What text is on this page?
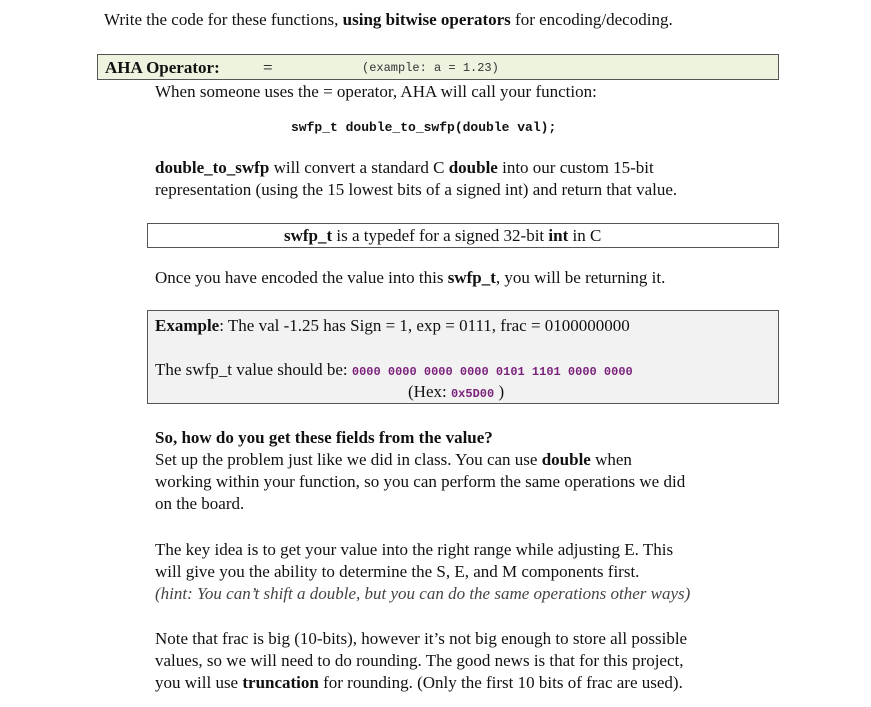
Write the code for these functions, using bitwise operators for encoding/decoding.
AHA Operator:	=	(example: a = 1.23)
When someone uses the = operator, AHA will call your function:
swfp_t double_to_swfp(double val);
double_to_swfp will convert a standard C double into our custom 15-bit
representation (using the 15 lowest bits of a signed int) and return that value.
swfp_t is a typedef for a signed 32-bit int in C
Once you have encoded the value into this swfp_t, you will be returning it.
Example: The val -1.25 has Sign = 1, exp = 0111, frac = 0100000000
The swfp_t value should be: 0000 0000 0000 0000 0101 1101 0000 0000
(Hex: 0x5D00 )
So, how do you get these fields from the value?
Set up the problem just like we did in class. You can use double when
working within your function, so you can perform the same operations we did
on the board.
The key idea is to get your value into the right range while adjusting E. This
will give you the ability to determine the S, E, and M components first.
(hint: You can’t shift a double, but you can do the same operations other ways)
Note that frac is big (10-bits), however it’s not big enough to store all possible
values, so we will need to do rounding. The good news is that for this project,
you will use truncation for rounding. (Only the first 10 bits of frac are used).
